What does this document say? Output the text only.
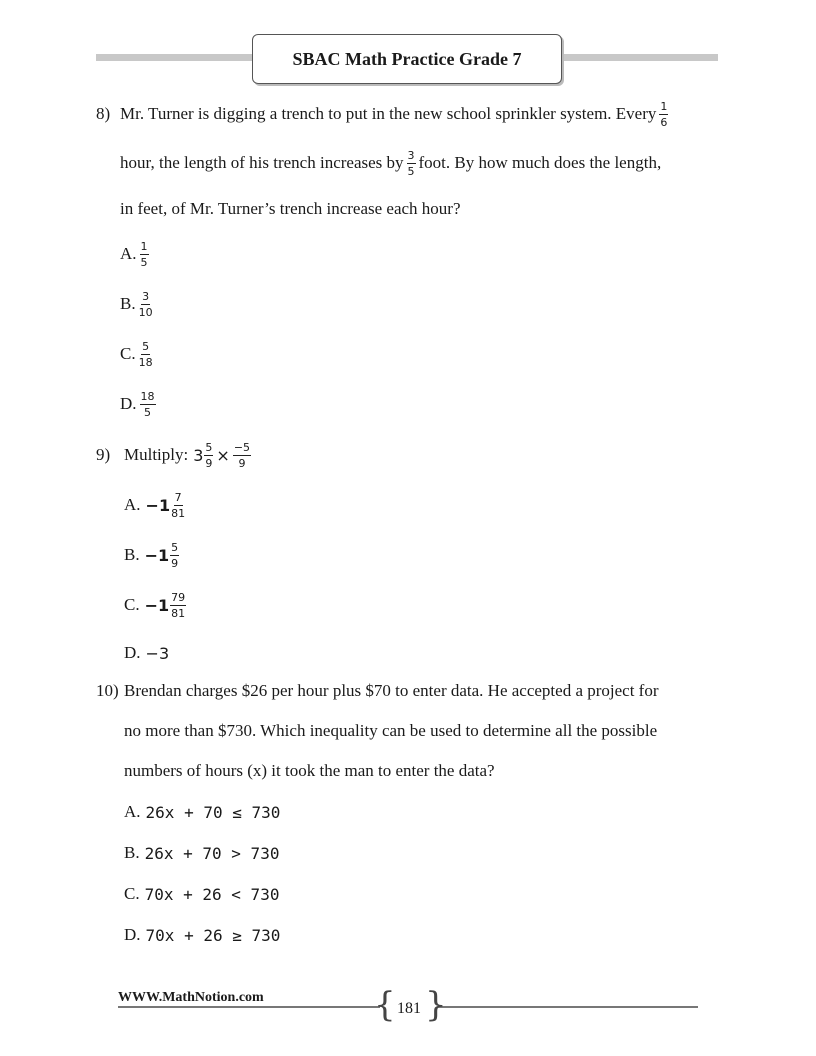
SBAC Math Practice Grade 7
8) Mr. Turner is digging a trench to put in the new school sprinkler system. Every $\frac{1}{6}$
hour, the length of his trench increases by $\frac{3}{5}$ foot. By how much does the length,
in feet, of Mr. Turner’s trench increase each hour?
A. $\frac{1}{5}$
B. $\frac{3}{10}$
C. $\frac{5}{18}$
D. $\frac{18}{5}$
9) Multiply: $3 \frac{5}{9} \times \frac{-5}{9}$
A. $-1 \frac{7}{81}$
B. $-1 \frac{5}{9}$
C. $-1 \frac{79}{81}$
D. −3
10) Brendan charges $26 per hour plus $70 to enter data. He accepted a project for
no more than $730. Which inequality can be used to determine all the possible
numbers of hours (x) it took the man to enter the data?
A. 26x + 70 ≤ 730
B. 26x + 70 > 730
C. 70x + 26 < 730
D. 70x + 26 ≥ 730
WWW.MathNotion.com	{ }
181
